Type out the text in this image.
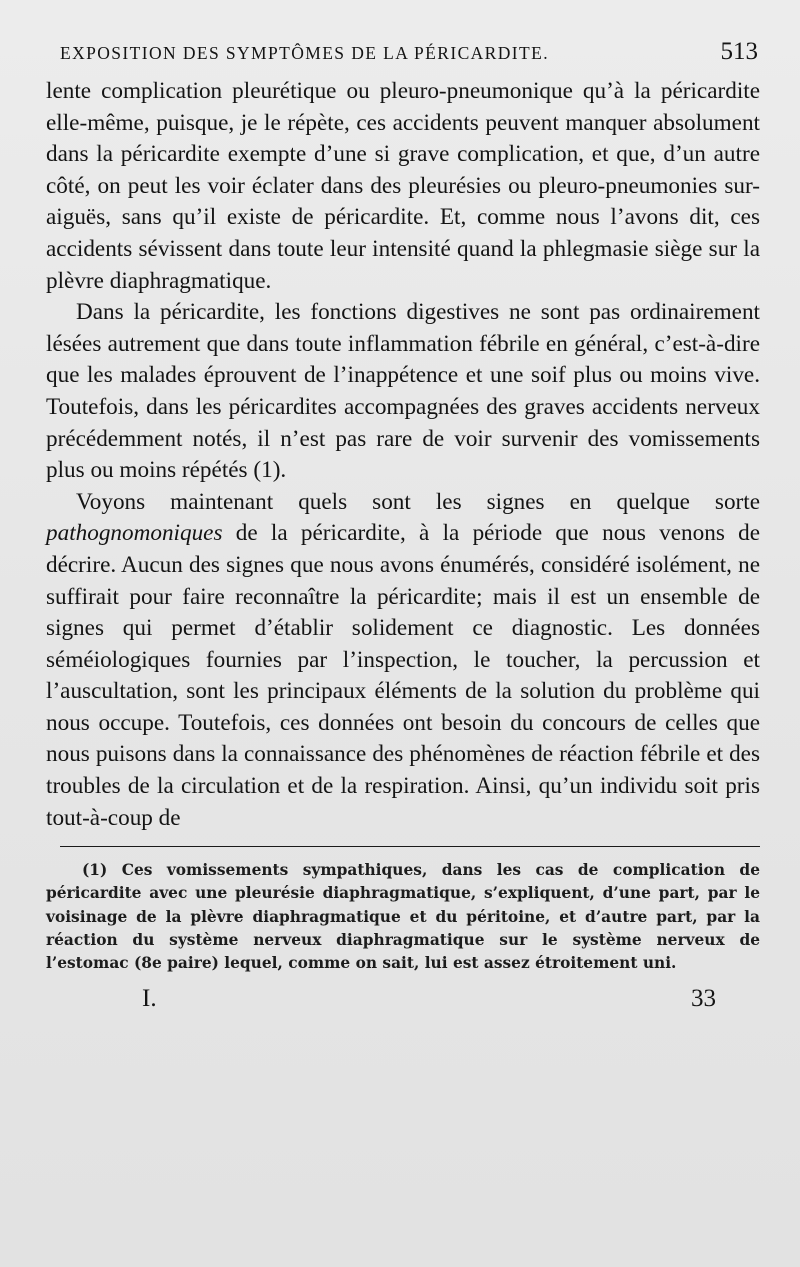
EXPOSITION DES SYMPTÔMES DE LA PÉRICARDITE.	513

lente complication pleurétique ou pleuro-pneumonique qu’à la péricardite elle-même, puisque, je le répète, ces accidents peuvent manquer absolument dans la péricardite exempte d’une si grave complication, et que, d’un autre côté, on peut les voir éclater dans des pleurésies ou pleuro-pneumonies sur-aiguës, sans qu’il existe de péricardite. Et, comme nous l’avons dit, ces accidents sévissent dans toute leur intensité quand la phlegmasie siège sur la plèvre diaphragmatique.

Dans la péricardite, les fonctions digestives ne sont pas ordinairement lésées autrement que dans toute inflammation fébrile en général, c’est-à-dire que les malades éprouvent de l’inappétence et une soif plus ou moins vive. Toutefois, dans les péricardites accompagnées des graves accidents nerveux précédemment notés, il n’est pas rare de voir survenir des vomissements plus ou moins répétés (1).

Voyons maintenant quels sont les signes en quelque sorte pathognomoniques de la péricardite, à la période que nous venons de décrire. Aucun des signes que nous avons énumérés, considéré isolément, ne suffirait pour faire reconnaître la péricardite; mais il est un ensemble de signes qui permet d’établir solidement ce diagnostic. Les données séméiologiques fournies par l’inspection, le toucher, la percussion et l’auscultation, sont les principaux éléments de la solution du problème qui nous occupe. Toutefois, ces données ont besoin du concours de celles que nous puisons dans la connaissance des phénomènes de réaction fébrile et des troubles de la circulation et de la respiration. Ainsi, qu’un individu soit pris tout-à-coup de

(1) Ces vomissements sympathiques, dans les cas de complication de péricardite avec une pleurésie diaphragmatique, s’expliquent, d’une part, par le voisinage de la plèvre diaphragmatique et du péritoine, et d’autre part, par la réaction du système nerveux diaphragmatique sur le système nerveux de l’estomac (8e paire) lequel, comme on sait, lui est assez étroitement uni.

I.	33
